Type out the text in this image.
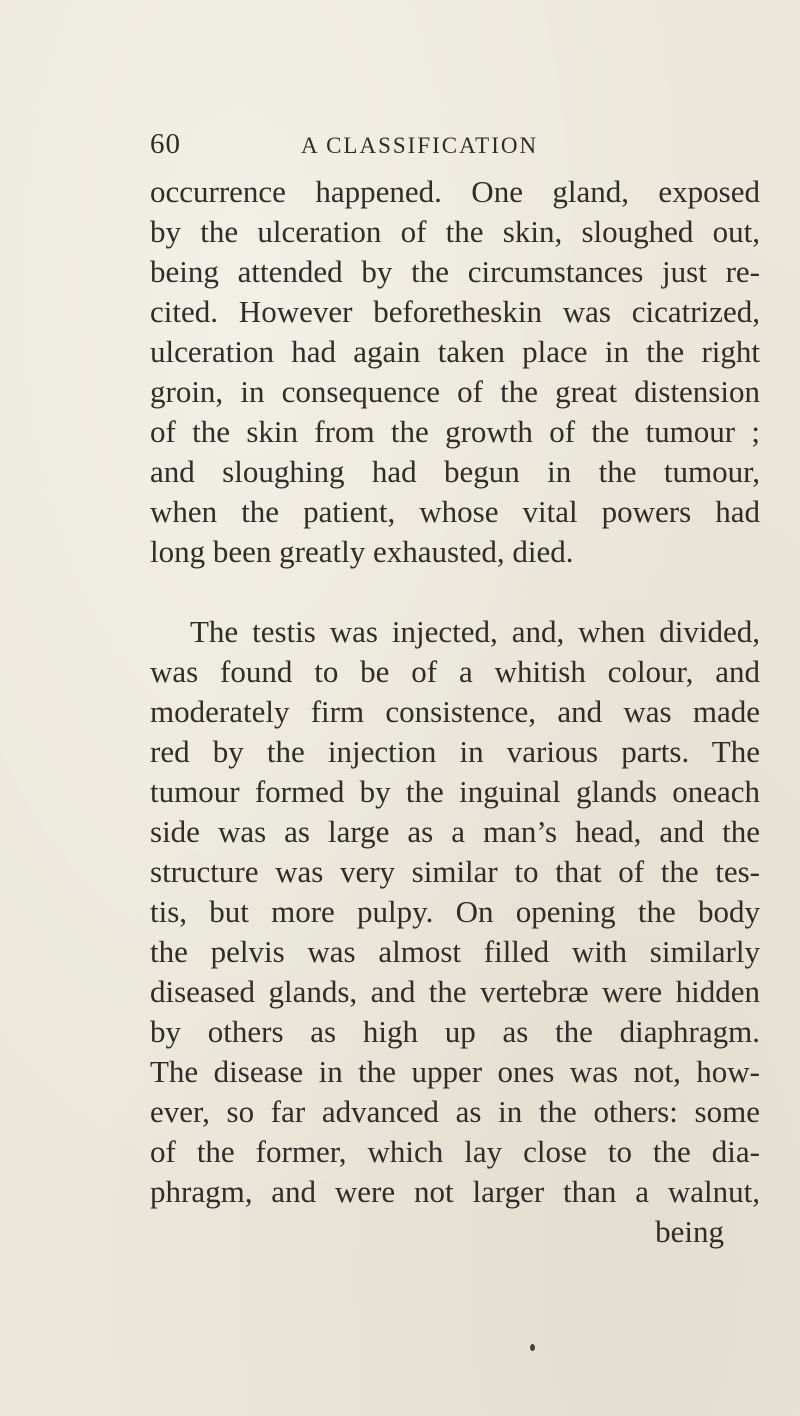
60	A CLASSIFICATION
occurrence happened. One gland, exposed
by the ulceration of the skin, sloughed out,
being attended by the circumstances just re-
cited. However beforetheskin was cicatrized,
ulceration had again taken place in the right
groin, in consequence of the great distension
of the skin from the growth of the tumour ;
and sloughing had begun in the tumour,
when the patient, whose vital powers had
long been greatly exhausted, died.
The testis was injected, and, when divided,
was found to be of a whitish colour, and
moderately firm consistence, and was made
red by the injection in various parts. The
tumour formed by the inguinal glands oneach
side was as large as a man’s head, and the
structure was very similar to that of the tes-
tis, but more pulpy. On opening the body
the pelvis was almost filled with similarly
diseased glands, and the vertebræ were hidden
by others as high up as the diaphragm.
The disease in the upper ones was not, how-
ever, so far advanced as in the others: some
of the former, which lay close to the dia-
phragm, and were not larger than a walnut,
being
